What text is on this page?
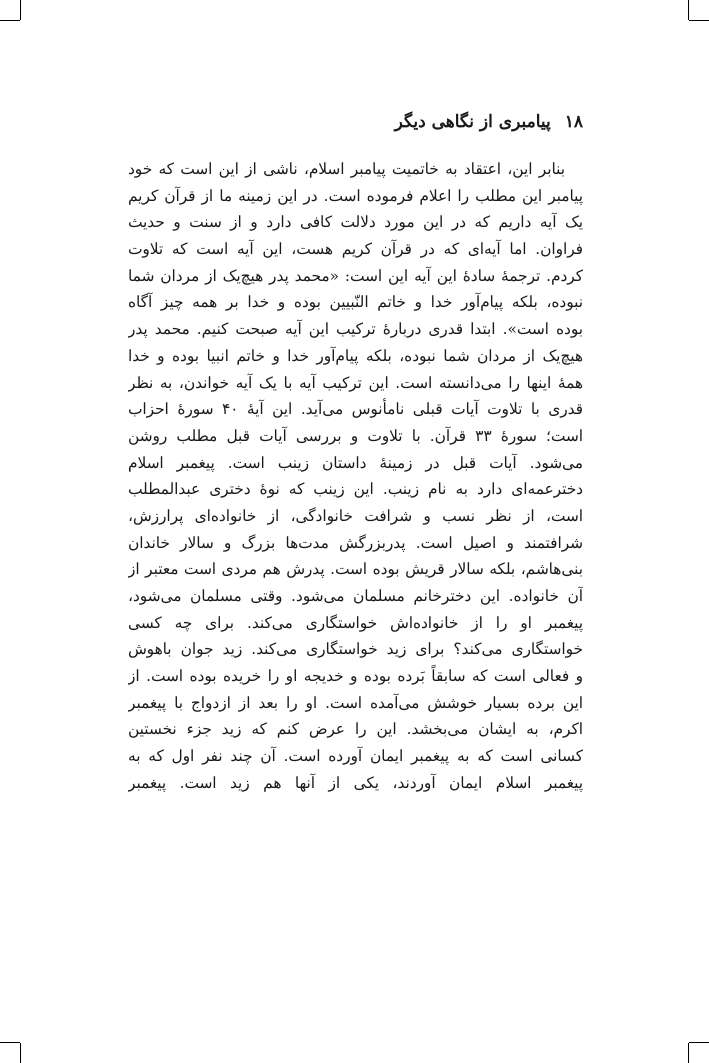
۱۸
پیامبری از نگاهی دیگر
بنابر این، اعتقاد به خاتمیت پیامبر اسلام، ناشی از این است که خود
پیامبر این مطلب را اعلام فرموده است. در این زمینه ما از قرآن کریم
یک آیه داریم که در این مورد دلالت کافی دارد و از سنت و حدیث
فراوان. اما آیه‌ای که در قرآن کریم هست، این آیه است که تلاوت
کردم. ترجمهٔ سادهٔ این آیه این است: «محمد پدر هیچ‌یک از مردان شما
نبوده، بلکه پیام‌آور خدا و خاتم النّبیین بوده و خدا بر همه چیز آگاه
بوده است». ابتدا قدری دربارهٔ ترکیب این آیه صبحت کنیم. محمد پدر
هیچ‌یک از مردان شما نبوده، بلکه پیام‌آور خدا و خاتم انبیا بوده و خدا
همهٔ اینها را می‌دانسته است. این ترکیب آیه با یک آیه خواندن، به نظر
قدری با تلاوت آیات قبلی نامأنوس می‌آید. این آیهٔ ۴۰ سورهٔ احزاب
است؛ سورهٔ ۳۳ قرآن. با تلاوت و بررسی آیات قبل مطلب روشن
می‌شود. آیات قبل در زمینهٔ داستان زینب است. پیغمبر اسلام
دخترعمه‌ای دارد به نام زینب. این زینب که نوهٔ دختری عبدالمطلب
است، از نظر نسب و شرافت خانوادگی، از خانواده‌ای پرارزش،
شرافتمند و اصیل است. پدربزرگش مدت‌ها بزرگ و سالار خاندان
بنی‌هاشم، بلکه سالار قریش بوده است. پدرش هم مردی است معتبر از
آن خانواده. این دخترخانم مسلمان می‌شود. وقتی مسلمان می‌شود،
پیغمبر او را از خانواده‌اش خواستگاری می‌کند. برای چه کسی
خواستگاری می‌کند؟ برای زید خواستگاری می‌کند. زید جوان باهوش
و فعالی است که سابقاً بَرده بوده و خدیجه او را خریده بوده است. از
این برده بسیار خوشش می‌آمده است. او را بعد از ازدواج با پیغمبر
اکرم، به ایشان می‌بخشد. این را عرض کنم که زید جزء نخستین
کسانی است که به پیغمبر ایمان آورده است. آن چند نفر اول که به
پیغمبر اسلام ایمان آوردند، یکی از آنها هم زید است. پیغمبر
